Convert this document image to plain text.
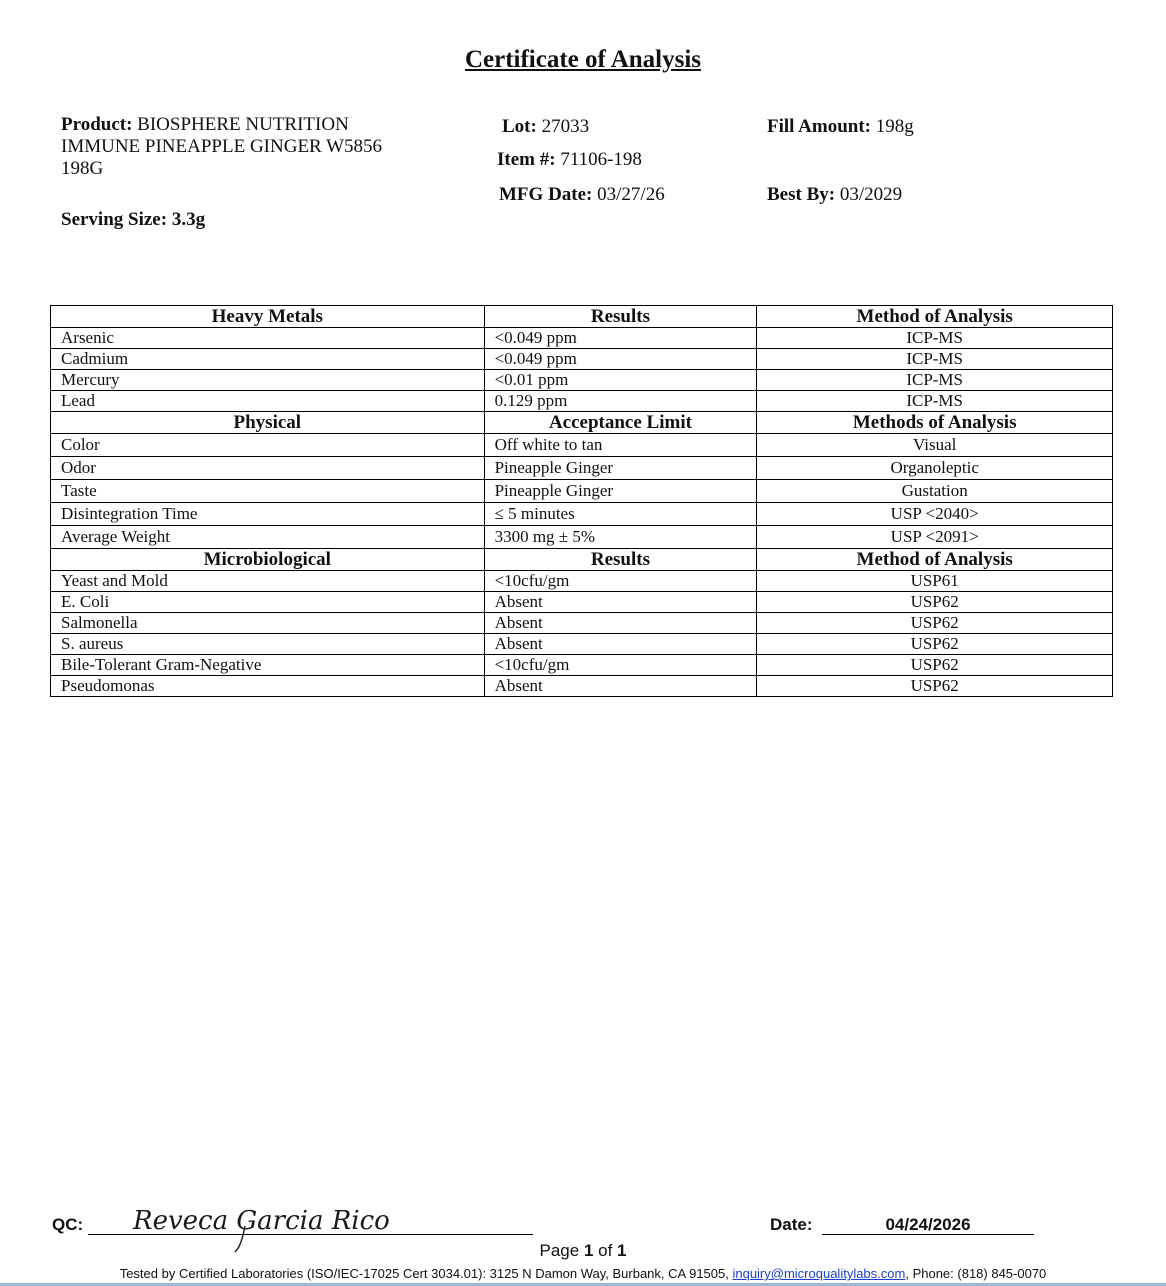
Certificate of Analysis
Product: BIOSPHERE NUTRITION
IMMUNE PINEAPPLE GINGER W5856
198G
Serving Size: 3.3g
Lot: 27033
Item #: 71106-198
MFG Date: 03/27/26
Fill Amount: 198g
Best By: 03/2029
Heavy Metals	Results	Method of Analysis
Arsenic	<0.049 ppm	ICP-MS
Cadmium	<0.049 ppm	ICP-MS
Mercury	<0.01 ppm	ICP-MS
Lead	0.129 ppm	ICP-MS
Physical	Acceptance Limit	Methods of Analysis
Color	Off white to tan	Visual
Odor	Pineapple Ginger	Organoleptic
Taste	Pineapple Ginger	Gustation
Disintegration Time	≤ 5 minutes	USP <2040>
Average Weight	3300 mg ± 5%	USP <2091>
Microbiological	Results	Method of Analysis
Yeast and Mold	<10cfu/gm	USP61
E. Coli	Absent	USP62
Salmonella	Absent	USP62
S. aureus	Absent	USP62
Bile-Tolerant Gram-Negative	<10cfu/gm	USP62
Pseudomonas	Absent	USP62
QC: Reveca Garcia Rico	Date:	04/24/2026
Page 1 of 1
Tested by Certified Laboratories (ISO/IEC-17025 Cert 3034.01): 3125 N Damon Way, Burbank, CA 91505, inquiry@microqualitylabs.com, Phone: (818) 845-0070
